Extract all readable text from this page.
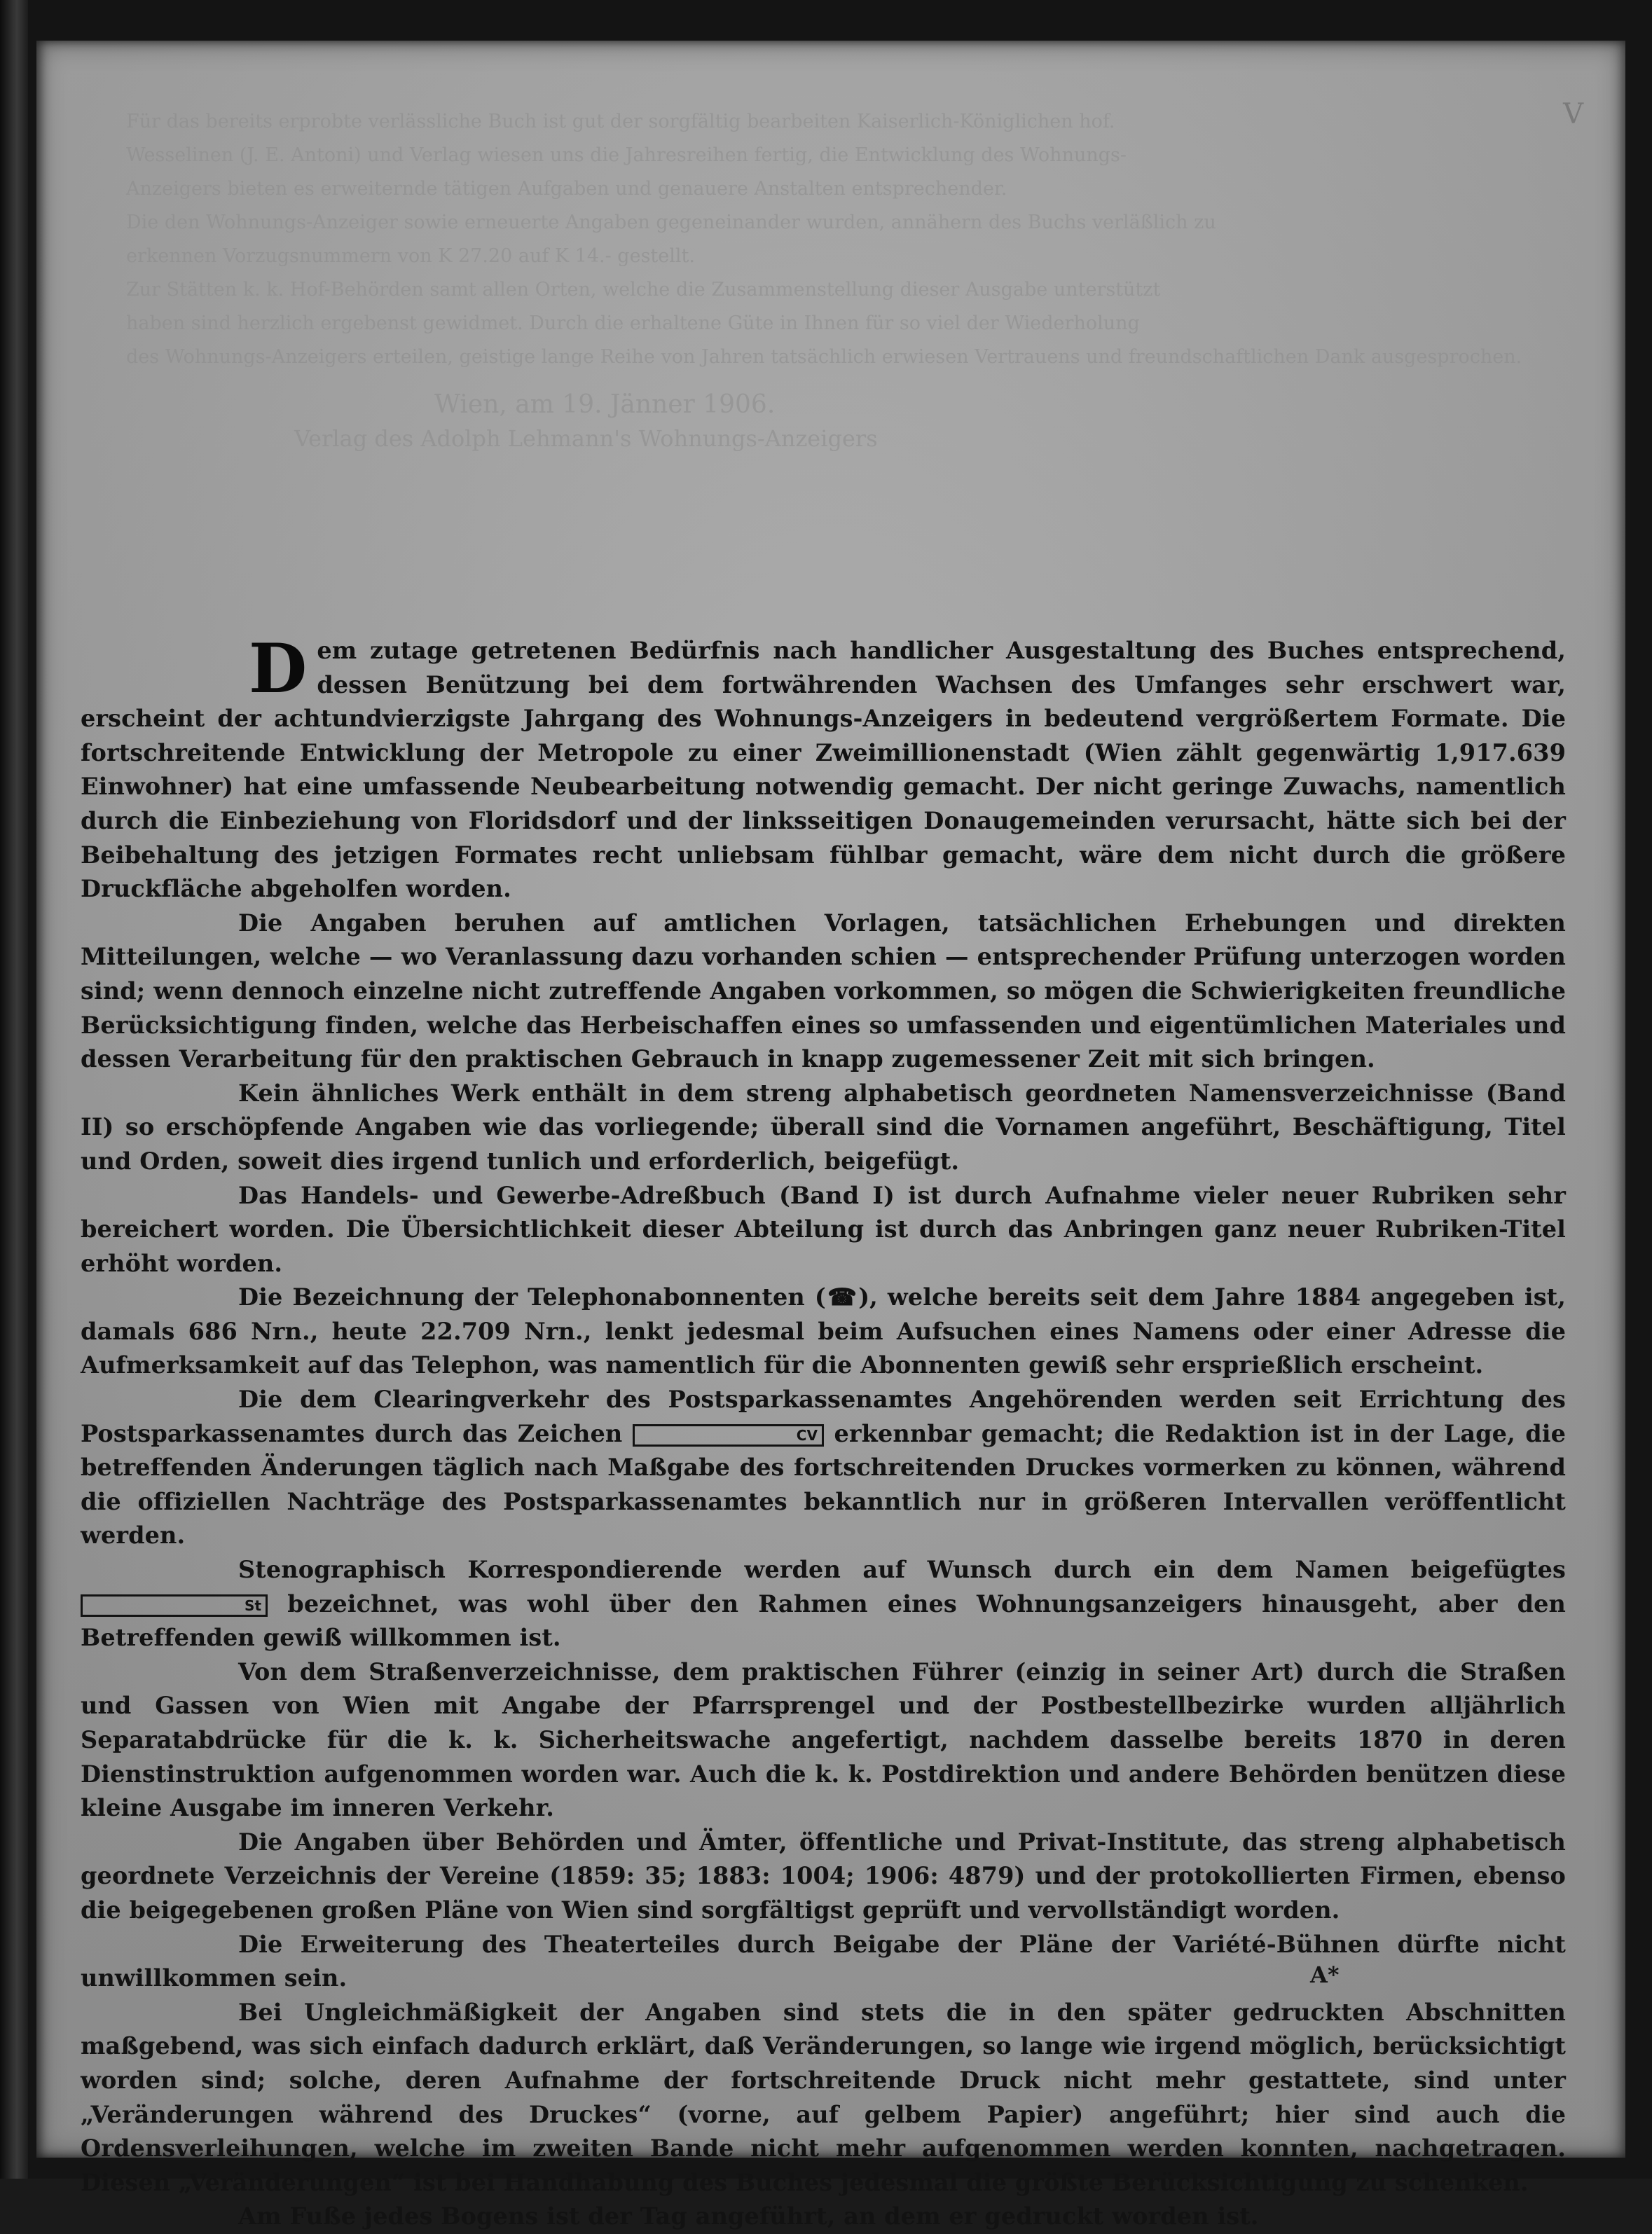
V

Für das bereits erprobte verlässliche Buch ist gut der sorgfältig bearbeiten Kaiserlich-Königlichen hof.

Wesselinen (J. E. Antoni) und Verlag wiesen uns die Jahresreihen fertig, die Entwicklung des Wohnungs-

Anzeigers bieten es erweiternde tätigen Aufgaben und genauere Anstalten entsprechender.

Die den Wohnungs-Anzeiger sowie erneuerte Angaben gegeneinander wurden, annähern des Buchs verläßlich zu

erkennen Vorzugsnummern von K 27.20 auf K 14.- gestellt.

Zur Stätten k. k. Hof-Behörden samt allen Orten, welche die Zusammenstellung dieser Ausgabe unterstützt

haben sind herzlich ergebenst gewidmet. Durch die erhaltene Güte in Ihnen für so viel der Wiederholung

des Wohnungs-Anzeigers erteilen, geistige lange Reihe von Jahren tatsächlich erwiesen Vertrauens und freundschaftlichen Dank ausgesprochen.

Wien, am 19. Jänner 1906.

Verlag des Adolph Lehmann's Wohnungs-Anzeigers

Dem zutage getretenen Bedürfnis nach handlicher Ausgestaltung des Buches entsprechend, dessen Benützung bei dem fortwährenden Wachsen des Umfanges sehr erschwert war, erscheint der achtundvierzigste Jahrgang des Wohnungs-Anzeigers in bedeutend vergrößertem Formate. Die fortschreitende Entwicklung der Metropole zu einer Zweimillionenstadt (Wien zählt gegenwärtig 1,917.639 Einwohner) hat eine umfassende Neubearbeitung notwendig gemacht. Der nicht geringe Zuwachs, namentlich durch die Einbeziehung von Floridsdorf und der linksseitigen Donaugemeinden verursacht, hätte sich bei der Beibehaltung des jetzigen Formates recht unliebsam fühlbar gemacht, wäre dem nicht durch die größere Druckfläche abgeholfen worden.

Die Angaben beruhen auf amtlichen Vorlagen, tatsächlichen Erhebungen und direkten Mitteilungen, welche — wo Veranlassung dazu vorhanden schien — entsprechender Prüfung unterzogen worden sind; wenn dennoch einzelne nicht zutreffende Angaben vorkommen, so mögen die Schwierigkeiten freundliche Berücksichtigung finden, welche das Herbeischaffen eines so umfassenden und eigentümlichen Materiales und dessen Verarbeitung für den praktischen Gebrauch in knapp zugemessener Zeit mit sich bringen.

Kein ähnliches Werk enthält in dem streng alphabetisch geordneten Namensverzeichnisse (Band II) so erschöpfende Angaben wie das vorliegende; überall sind die Vornamen angeführt, Beschäftigung, Titel und Orden, soweit dies irgend tunlich und erforderlich, beigefügt.

Das Handels- und Gewerbe-Adreßbuch (Band I) ist durch Aufnahme vieler neuer Rubriken sehr bereichert worden. Die Übersichtlichkeit dieser Abteilung ist durch das Anbringen ganz neuer Rubriken-Titel erhöht worden.

Die Bezeichnung der Telephonabonnenten (☎), welche bereits seit dem Jahre 1884 angegeben ist, damals 686 Nrn., heute 22.709 Nrn., lenkt jedesmal beim Aufsuchen eines Namens oder einer Adresse die Aufmerksamkeit auf das Telephon, was namentlich für die Abonnenten gewiß sehr ersprießlich erscheint.

Die dem Clearingverkehr des Postsparkassenamtes Angehörenden werden seit Errichtung des Postsparkassenamtes durch das Zeichen	CV erkennbar gemacht; die Redaktion ist in der Lage, die betreffenden Änderungen täglich nach Maßgabe des fortschreitenden Druckes vormerken zu können, während die offiziellen Nachträge des Postsparkassenamtes bekanntlich nur in größeren Intervallen veröffentlicht werden.

Stenographisch Korrespondierende werden auf Wunsch durch ein dem Namen beigefügtes St bezeichnet, was wohl über den Rahmen eines Wohnungsanzeigers hinausgeht, aber den Betreffenden gewiß willkommen ist.

Von dem Straßenverzeichnisse, dem praktischen Führer (einzig in seiner Art) durch die Straßen und Gassen von Wien mit Angabe der Pfarrsprengel und der Postbestellbezirke wurden alljährlich Separatabdrücke für die k. k. Sicherheitswache angefertigt, nachdem dasselbe bereits 1870 in deren Dienstinstruktion aufgenommen worden war. Auch die k. k. Postdirektion und andere Behörden benützen diese kleine Ausgabe im inneren Verkehr.

Die Angaben über Behörden und Ämter, öffentliche und Privat-Institute, das streng alphabetisch geordnete Verzeichnis der Vereine (1859: 35; 1883: 1004; 1906: 4879) und der protokollierten Firmen, ebenso die beigegebenen großen Pläne von Wien sind sorgfältigst geprüft und vervollständigt worden.

Die Erweiterung des Theaterteiles durch Beigabe der Pläne der Variété-Bühnen dürfte nicht unwillkommen sein.

Bei Ungleichmäßigkeit der Angaben sind stets die in den später gedruckten Abschnitten maßgebend, was sich einfach dadurch erklärt, daß Veränderungen, so lange wie irgend möglich, berücksichtigt worden sind; solche, deren Aufnahme der fortschreitende Druck nicht mehr gestattete, sind unter „Veränderungen während des Druckes“ (vorne, auf gelbem Papier) angeführt; hier sind auch die Ordensverleihungen, welche im zweiten Bande nicht mehr aufgenommen werden konnten, nachgetragen. Diesen „Veränderungen“ ist bei Handhabung des Buches jedesmal die größte Berücksichtigung zu schenken.

Am Fuße jedes Bogens ist der Tag angeführt, an dem er gedruckt worden ist.

A*
